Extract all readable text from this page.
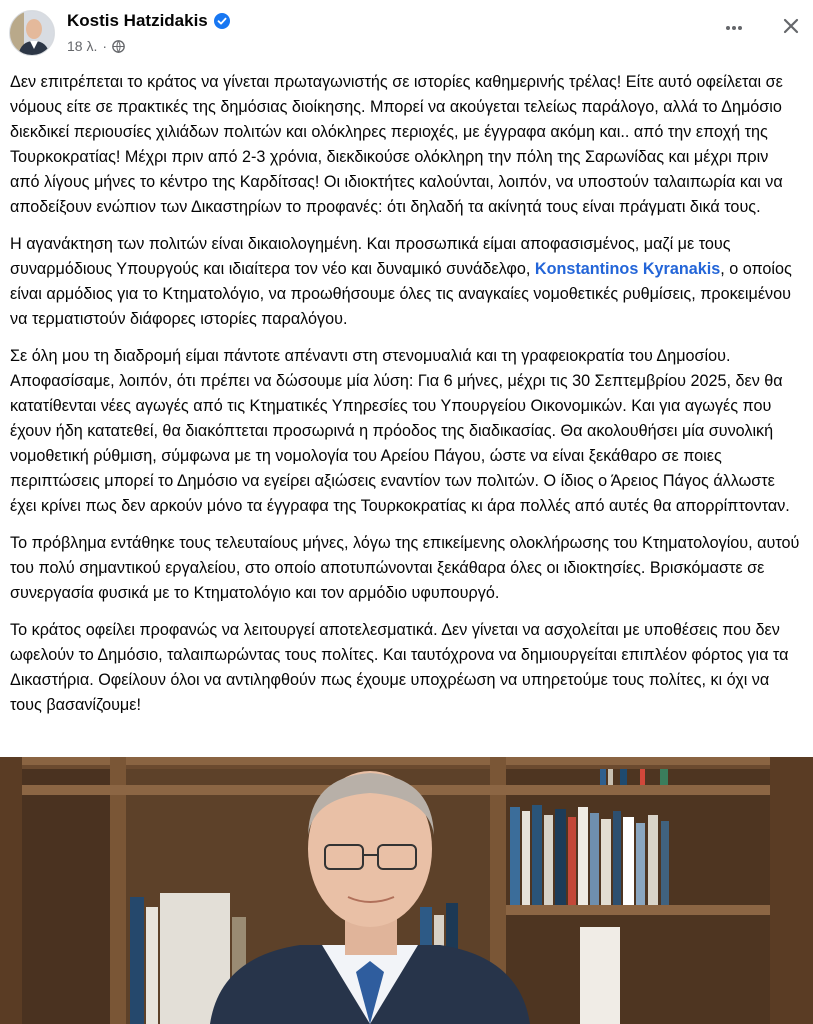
Kostis Hatzidakis
18 λ. ·

Δεν επιτρέπεται το κράτος να γίνεται πρωταγωνιστής σε ιστορίες καθημερινής τρέλας! Είτε αυτό οφείλεται σε νόμους είτε σε πρακτικές της δημόσιας διοίκησης. Μπορεί να ακούγεται τελείως παράλογο, αλλά το Δημόσιο διεκδικεί περιουσίες χιλιάδων πολιτών και ολόκληρες περιοχές, με έγγραφα ακόμη και.. από την εποχή της Τουρκοκρατίας! Μέχρι πριν από 2-3 χρόνια, διεκδικούσε ολόκληρη την πόλη της Σαρωνίδας και μέχρι πριν από λίγους μήνες το κέντρο της Καρδίτσας! Οι ιδιοκτήτες καλούνται, λοιπόν, να υποστούν ταλαιπωρία και να αποδείξουν ενώπιον των Δικαστηρίων το προφανές: ότι δηλαδή τα ακίνητά τους είναι πράγματι δικά τους.

Η αγανάκτηση των πολιτών είναι δικαιολογημένη. Και προσωπικά είμαι αποφασισμένος, μαζί με τους συναρμόδιους Υπουργούς και ιδιαίτερα τον νέο και δυναμικό συνάδελφο, Konstantinos Kyranakis, ο οποίος είναι αρμόδιος για το Κτηματολόγιο, να προωθήσουμε όλες τις αναγκαίες νομοθετικές ρυθμίσεις, προκειμένου να τερματιστούν διάφορες ιστορίες παραλόγου.

Σε όλη μου τη διαδρομή είμαι πάντοτε απέναντι στη στενομυαλιά και τη γραφειοκρατία του Δημοσίου. Αποφασίσαμε, λοιπόν, ότι πρέπει να δώσουμε μία λύση: Για 6 μήνες, μέχρι τις 30 Σεπτεμβρίου 2025, δεν θα κατατίθενται νέες αγωγές από τις Κτηματικές Υπηρεσίες του Υπουργείου Οικονομικών. Και για αγωγές που έχουν ήδη κατατεθεί, θα διακόπτεται προσωρινά η πρόοδος της διαδικασίας. Θα ακολουθήσει μία συνολική νομοθετική ρύθμιση, σύμφωνα με τη νομολογία του Αρείου Πάγου, ώστε να είναι ξεκάθαρο σε ποιες περιπτώσεις μπορεί το Δημόσιο να εγείρει αξιώσεις εναντίον των πολιτών. Ο ίδιος ο Άρειος Πάγος άλλωστε έχει κρίνει πως δεν αρκούν μόνο τα έγγραφα της Τουρκοκρατίας κι άρα πολλές από αυτές θα απορρίπτονταν.

Το πρόβλημα εντάθηκε τους τελευταίους μήνες, λόγω της επικείμενης ολοκλήρωσης του Κτηματολογίου, αυτού του πολύ σημαντικού εργαλείου, στο οποίο αποτυπώνονται ξεκάθαρα όλες οι ιδιοκτησίες. Βρισκόμαστε σε συνεργασία φυσικά με το Κτηματολόγιο και τον αρμόδιο υφυπουργό.

Το κράτος οφείλει προφανώς να λειτουργεί αποτελεσματικά. Δεν γίνεται να ασχολείται με υποθέσεις που δεν ωφελούν το Δημόσιο, ταλαιπωρώντας τους πολίτες. Και ταυτόχρονα να δημιουργείται επιπλέον φόρτος για τα Δικαστήρια. Οφείλουν όλοι να αντιληφθούν πως έχουμε υποχρέωση να υπηρετούμε τους πολίτες, κι όχι να τους βασανίζουμε!
